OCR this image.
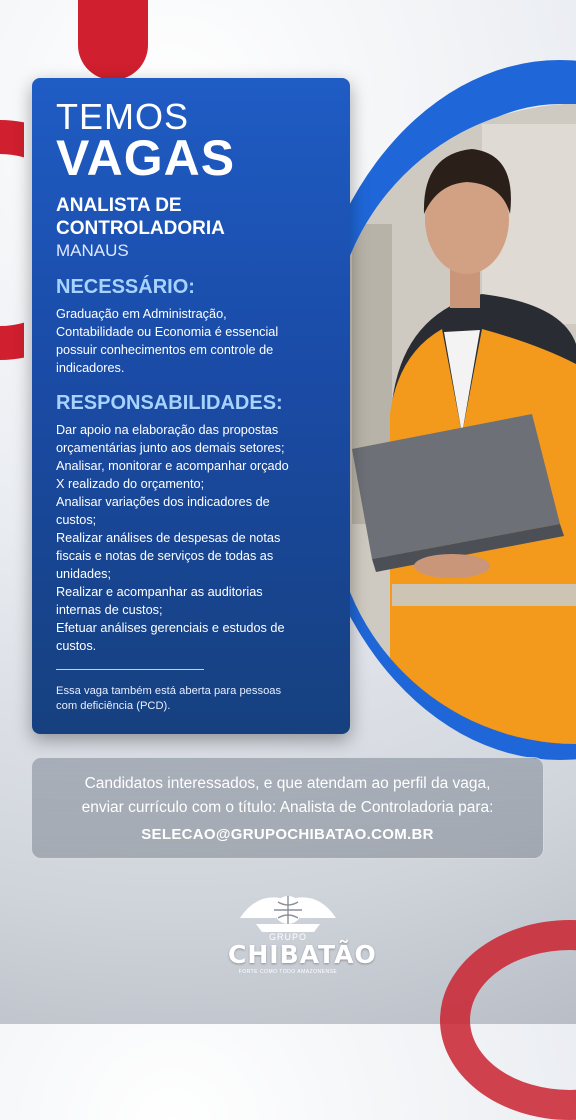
TEMOS
VAGAS
ANALISTA DE
CONTROLADORIA
MANAUS
NECESSÁRIO:
Graduação em Administração,
Contabilidade ou Economia é essencial
possuir conhecimentos em controle de
indicadores.
RESPONSABILIDADES:
Dar apoio na elaboração das propostas
orçamentárias junto aos demais setores;
Analisar, monitorar e acompanhar orçado
X realizado do orçamento;
Analisar variações dos indicadores de
custos;
Realizar análises de despesas de notas
fiscais e notas de serviços de todas as
unidades;
Realizar e acompanhar as auditorias
internas de custos;
Efetuar análises gerenciais e estudos de
custos.
Essa vaga também está aberta para pessoas
com deficiência (PCD).
Candidatos interessados, e que atendam ao perfil da vaga,
enviar currículo com o título: Analista de Controladoria para:
SELECAO@GRUPOCHIBATAO.COM.BR
GRUPO
CHIBATÃO
FORTE COMO TODO AMAZONENSE
